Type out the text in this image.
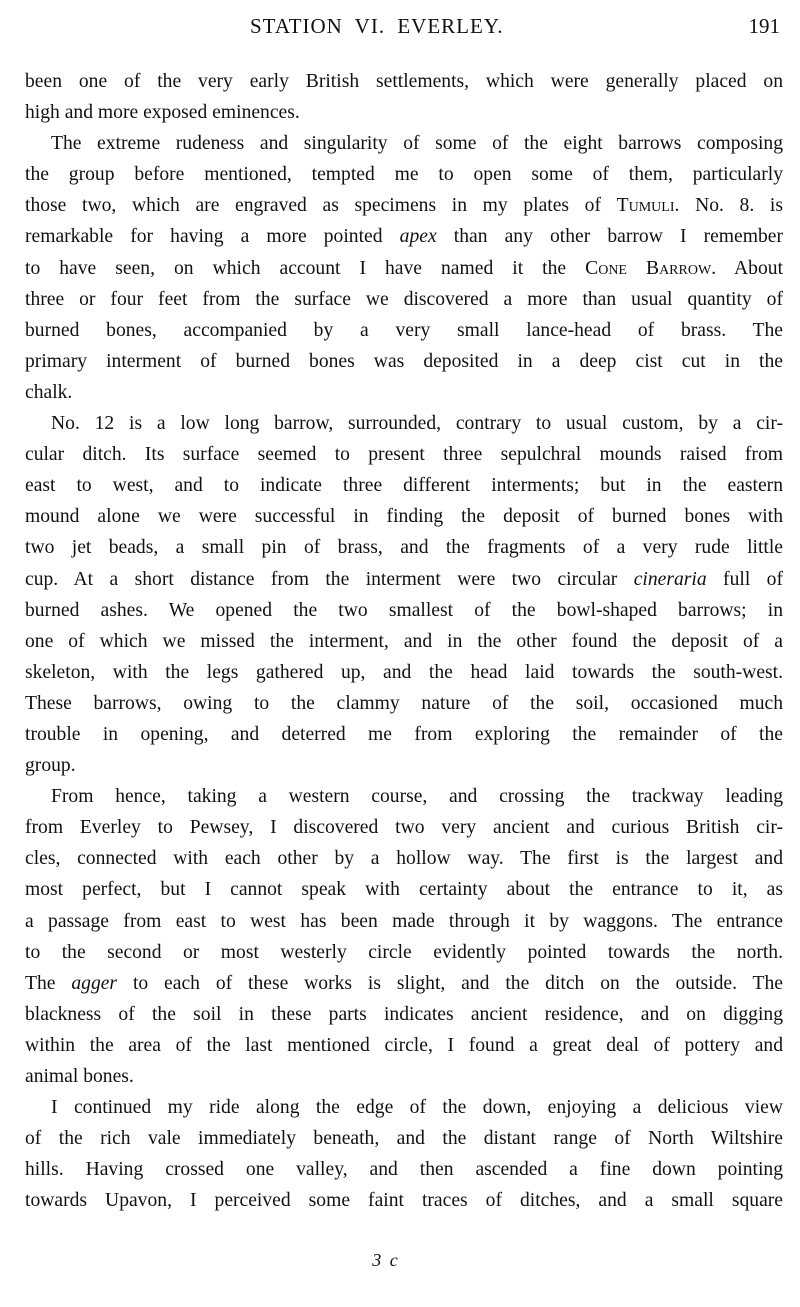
STATION VI. EVERLEY.	191
been one of the very early British settlements, which were generally placed on
high and more exposed eminences.
The extreme rudeness and singularity of some of the eight barrows composing
the group before mentioned, tempted me to open some of them, particularly
those two, which are engraved as specimens in my plates of Tumuli. No. 8. is
remarkable for having a more pointed apex than any other barrow I remember
to have seen, on which account I have named it the Cone Barrow. About
three or four feet from the surface we discovered a more than usual quantity of
burned bones, accompanied by a very small lance-head of brass. The
primary interment of burned bones was deposited in a deep cist cut in the
chalk.
No. 12 is a low long barrow, surrounded, contrary to usual custom, by a cir-
cular ditch. Its surface seemed to present three sepulchral mounds raised from
east to west, and to indicate three different interments; but in the eastern
mound alone we were successful in finding the deposit of burned bones with
two jet beads, a small pin of brass, and the fragments of a very rude little
cup. At a short distance from the interment were two circular cineraria full of
burned ashes. We opened the two smallest of the bowl-shaped barrows; in
one of which we missed the interment, and in the other found the deposit of a
skeleton, with the legs gathered up, and the head laid towards the south-west.
These barrows, owing to the clammy nature of the soil, occasioned much
trouble in opening, and deterred me from exploring the remainder of the
group.
From hence, taking a western course, and crossing the trackway leading
from Everley to Pewsey, I discovered two very ancient and curious British cir-
cles, connected with each other by a hollow way. The first is the largest and
most perfect, but I cannot speak with certainty about the entrance to it, as
a passage from east to west has been made through it by waggons. The entrance
to the second or most westerly circle evidently pointed towards the north.
The agger to each of these works is slight, and the ditch on the outside. The
blackness of the soil in these parts indicates ancient residence, and on digging
within the area of the last mentioned circle, I found a great deal of pottery and
animal bones.
I continued my ride along the edge of the down, enjoying a delicious view
of the rich vale immediately beneath, and the distant range of North Wiltshire
hills. Having crossed one valley, and then ascended a fine down pointing
towards Upavon, I perceived some faint traces of ditches, and a small square
3 c
